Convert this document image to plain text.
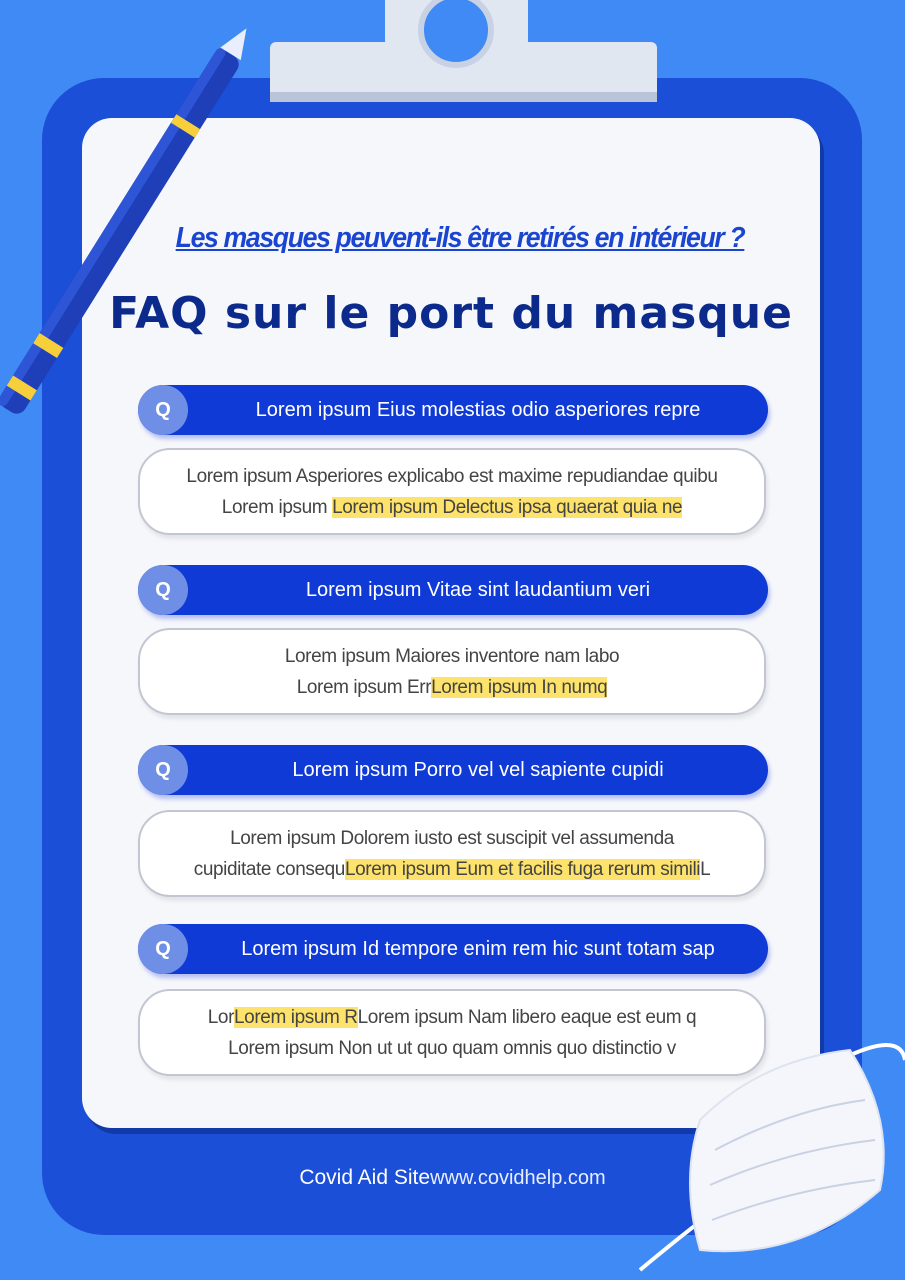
Les masques peuvent-ils être retirés en intérieur ?
FAQ sur le port du masque
Q	Lorem ipsum Eius molestias odio asperiores repre
Lorem ipsum Asperiores explicabo est maxime repudiandae quibu
Lorem ipsum Lorem ipsum Delectus ipsa quaerat quia ne
Q	Lorem ipsum Vitae sint laudantium veri
Lorem ipsum Maiores inventore nam labo
Lorem ipsum ErrLorem ipsum In numq
Q	Lorem ipsum Porro vel vel sapiente cupidi
Lorem ipsum Dolorem iusto est suscipit vel assumenda
cupiditate consequLorem ipsum Eum et facilis fuga rerum similiL
Q	Lorem ipsum Id tempore enim rem hic sunt totam sap
LorLorem ipsum RLorem ipsum Nam libero eaque est eum q
Lorem ipsum Non ut ut quo quam omnis quo distinctio v
Covid Aid Sitewww.covidhelp.com
